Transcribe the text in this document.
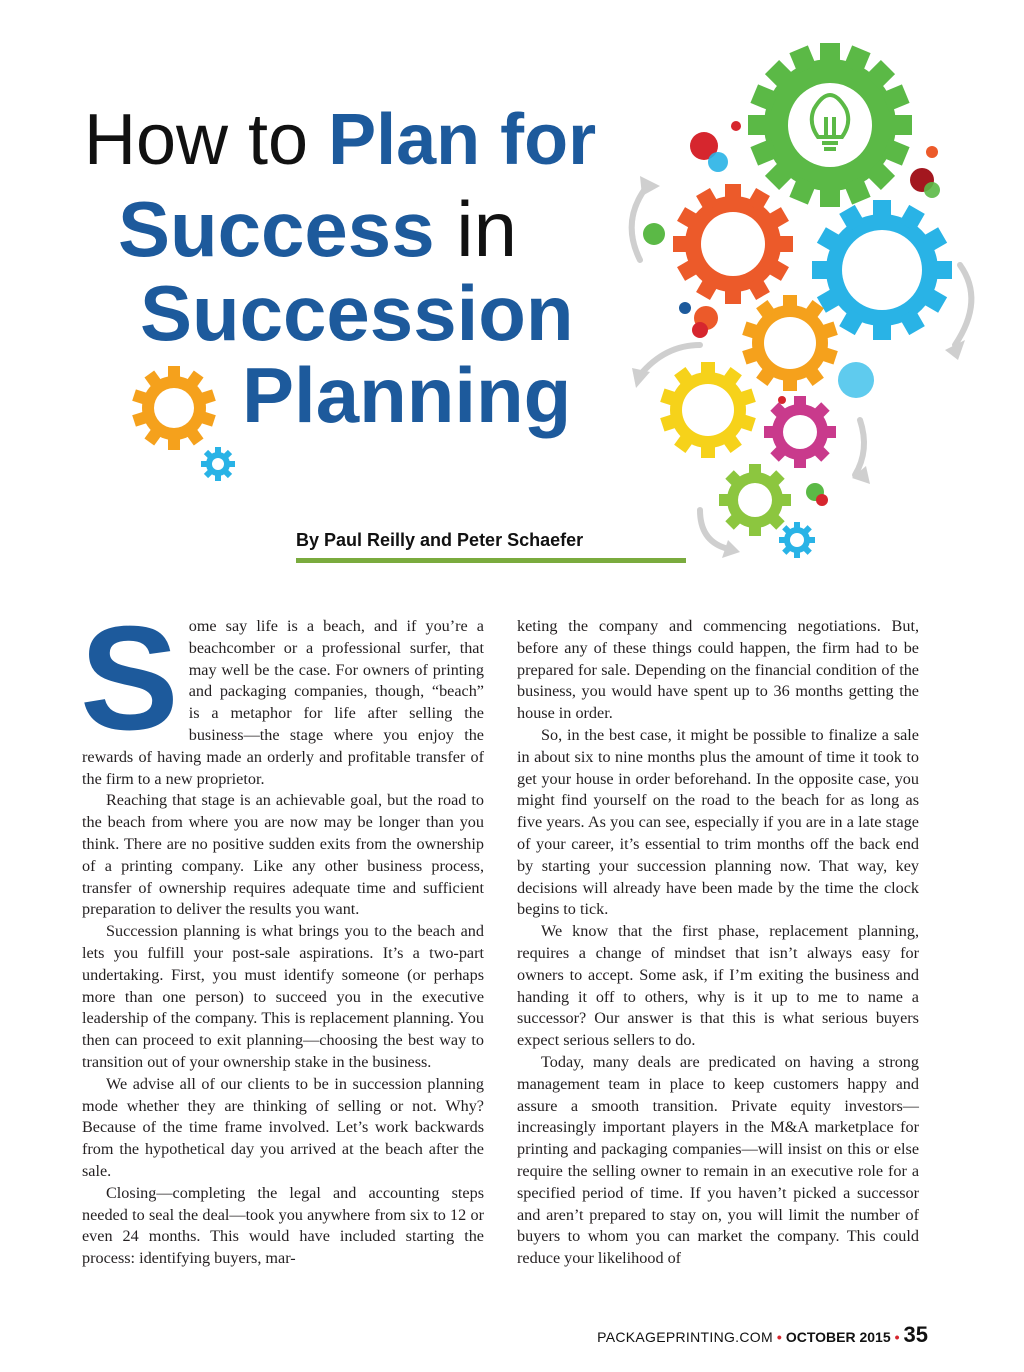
How to Plan for
Success in
Succession
Planning
By Paul Reilly and Peter Schaefer

Some say life is a beach, and if you’re a beachcomber or a professional surfer, that may well be the case. For owners of printing and packaging companies, though, “beach” is a metaphor for life after selling the business—the stage where you enjoy the rewards of having made an orderly and profitable transfer of the firm to a new proprietor.

Reaching that stage is an achievable goal, but the road to the beach from where you are now may be longer than you think. There are no positive sudden exits from the ownership of a printing company. Like any other business process, transfer of ownership requires adequate time and sufficient preparation to deliver the results you want.

Succession planning is what brings you to the beach and lets you fulfill your post-sale aspirations. It’s a two-part undertaking. First, you must identify someone (or perhaps more than one person) to succeed you in the executive leadership of the company. This is replacement planning. You then can proceed to exit planning—choosing the best way to transition out of your ownership stake in the business.

We advise all of our clients to be in succession planning mode whether they are thinking of selling or not. Why? Because of the time frame involved. Let’s work backwards from the hypothetical day you arrived at the beach after the sale.

Closing—completing the legal and accounting steps needed to seal the deal—took you anywhere from six to 12 or even 24 months. This would have included starting the process: identifying buyers, mar-

keting the company and commencing negotiations. But, before any of these things could happen, the firm had to be prepared for sale. Depending on the financial condition of the business, you would have spent up to 36 months getting the house in order.

So, in the best case, it might be possible to finalize a sale in about six to nine months plus the amount of time it took to get your house in order beforehand. In the opposite case, you might find yourself on the road to the beach for as long as five years. As you can see, especially if you are in a late stage of your career, it’s essential to trim months off the back end by starting your succession planning now. That way, key decisions will already have been made by the time the clock begins to tick.

We know that the first phase, replacement planning, requires a change of mindset that isn’t always easy for owners to accept. Some ask, if I’m exiting the business and handing it off to others, why is it up to me to name a successor? Our answer is that this is what serious buyers expect serious sellers to do.

Today, many deals are predicated on having a strong management team in place to keep customers happy and assure a smooth transition. Private equity investors—increasingly important players in the M&A marketplace for printing and packaging companies—will insist on this or else require the selling owner to remain in an executive role for a specified period of time. If you haven’t picked a successor and aren’t prepared to stay on, you will limit the number of buyers to whom you can market the company. This could reduce your likelihood of

PACKAGEPRINTING.COM • OCTOBER 2015 • 35
